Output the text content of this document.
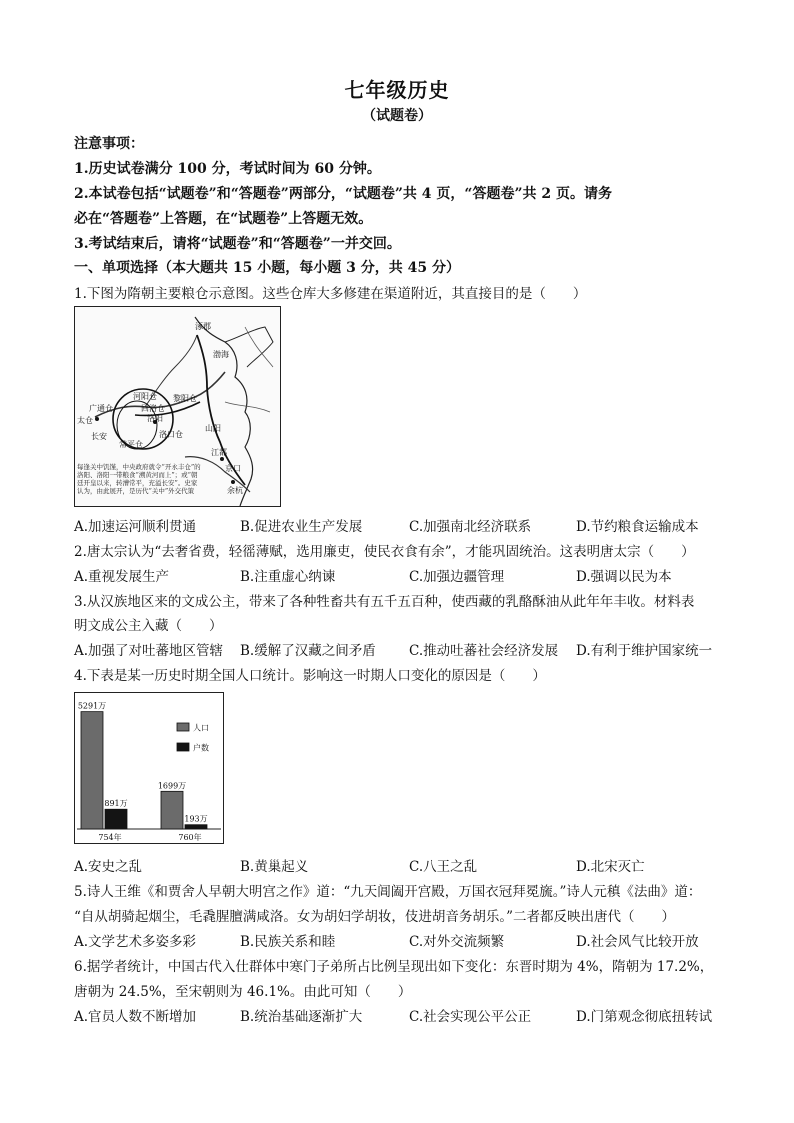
七年级历史
（试题卷）
注意事项：
1.历史试卷满分 100 分，考试时间为 60 分钟。
2.本试卷包括“试题卷”和“答题卷”两部分，“试题卷”共 4 页，“答题卷”共 2 页。请务
必在“答题卷”上答题，在“试题卷”上答题无效。
3.考试结束后，请将“试题卷”和“答题卷”一并交回。
一、单项选择（本大题共 15 小题，每小题 3 分，共 45 分）
1.下图为隋朝主要粮仓示意图。这些仓库大多修建在渠道附近，其直接目的是（　　）
涿郡
渤海
黎阳仓
广通仓
太仓
长安
河阳仓
洛阳
洛口仓
常平仓
回洛仓
山阳
江都
京口
余杭
每逢关中饥馑，中央政府就令“开永丰仓”的洛阳、洛阳一带粮食“溯黄河而上”；或“朝廷开皇以来，转漕常平，充溢长安”。史家认为，由此展开，是历代“关中”外交代策
A.加速运河顺利贯通	B.促进农业生产发展	C.加强南北经济联系	D.节约粮食运输成本
2.唐太宗认为“去奢省费，轻徭薄赋，选用廉吏，使民衣食有余”，才能巩固统治。这表明唐太宗（　　）
A.重视发展生产	B.注重虚心纳谏	C.加强边疆管理	D.强调以民为本
3.从汉族地区来的文成公主，带来了各种牲畜共有五千五百种，使西藏的乳酪酥油从此年年丰收。材料表
明文成公主入藏（　　）
A.加强了对吐蕃地区管辖 B.缓解了汉藏之间矛盾 C.推动吐蕃社会经济发展 D.有利于维护国家统一
4.下表是某一历史时期全国人口统计。影响这一时期人口变化的原因是（　　）
5291万
891万
754年
1699万
193万
760年
人口
户数
A.安史之乱	B.黄巢起义	C.八王之乱	D.北宋灭亡
5.诗人王维《和贾舍人早朝大明宫之作》道：“九天阊阖开宫殿，万国衣冠拜冕旒。”诗人元稹《法曲》道：
“自从胡骑起烟尘，毛毳腥膻满咸洛。女为胡妇学胡妆，伎进胡音务胡乐。”二者都反映出唐代（　　）
A.文学艺术多姿多彩	B.民族关系和睦	C.对外交流频繁	D.社会风气比较开放
6.据学者统计，中国古代入仕群体中寒门子弟所占比例呈现出如下变化：东晋时期为 4%，隋朝为 17.2%，
唐朝为 24.5%，至宋朝则为 46.1%。由此可知（　　）
A.官员人数不断增加	B.统治基础逐渐扩大	C.社会实现公平公正	D.门第观念彻底扭转试
